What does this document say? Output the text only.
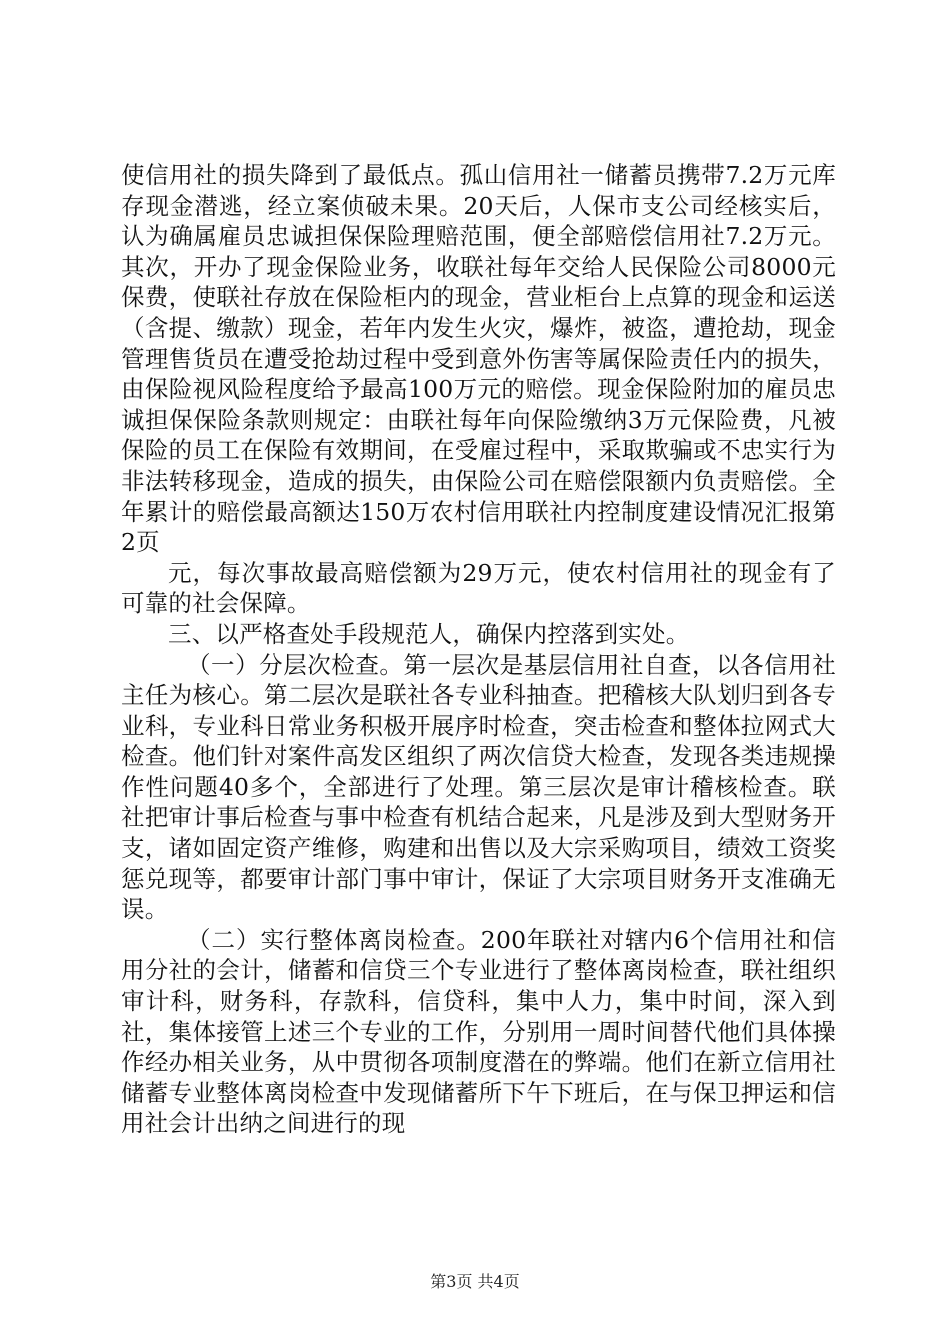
使信用社的损失降到了最低点。孤山信用社一储蓄员携带7.2万元库存现金潜逃，经立案侦破未果。20天后，人保市支公司经核实后，认为确属雇员忠诚担保保险理赔范围，便全部赔偿信用社7.2万元。其次，开办了现金保险业务，收联社每年交给人民保险公司8000元保费，使联社存放在保险柜内的现金，营业柜台上点算的现金和运送（含提、缴款）现金，若年内发生火灾，爆炸，被盗，遭抢劫，现金管理售货员在遭受抢劫过程中受到意外伤害等属保险责任内的损失，由保险视风险程度给予最高100万元的赔偿。现金保险附加的雇员忠诚担保保险条款则规定：由联社每年向保险缴纳3万元保险费，凡被保险的员工在保险有效期间，在受雇过程中，采取欺骗或不忠实行为非法转移现金，造成的损失，由保险公司在赔偿限额内负责赔偿。全年累计的赔偿最高额达150万农村信用联社内控制度建设情况汇报第2页

元，每次事故最高赔偿额为29万元，使农村信用社的现金有了可靠的社会保障。

三、以严格查处手段规范人，确保内控落到实处。

（一）分层次检查。第一层次是基层信用社自查，以各信用社主任为核心。第二层次是联社各专业科抽查。把稽核大队划归到各专业科，专业科日常业务积极开展序时检查，突击检查和整体拉网式大检查。他们针对案件高发区组织了两次信贷大检查，发现各类违规操作性问题40多个，全部进行了处理。第三层次是审计稽核检查。联社把审计事后检查与事中检查有机结合起来，凡是涉及到大型财务开支，诸如固定资产维修，购建和出售以及大宗采购项目，绩效工资奖惩兑现等，都要审计部门事中审计，保证了大宗项目财务开支准确无误。

（二）实行整体离岗检查。200年联社对辖内6个信用社和信用分社的会计，储蓄和信贷三个专业进行了整体离岗检查，联社组织审计科，财务科，存款科，信贷科，集中人力，集中时间，深入到社，集体接管上述三个专业的工作，分别用一周时间替代他们具体操作经办相关业务，从中贯彻各项制度潜在的弊端。他们在新立信用社储蓄专业整体离岗检查中发现储蓄所下午下班后，在与保卫押运和信用社会计出纳之间进行的现

第3页 共4页
